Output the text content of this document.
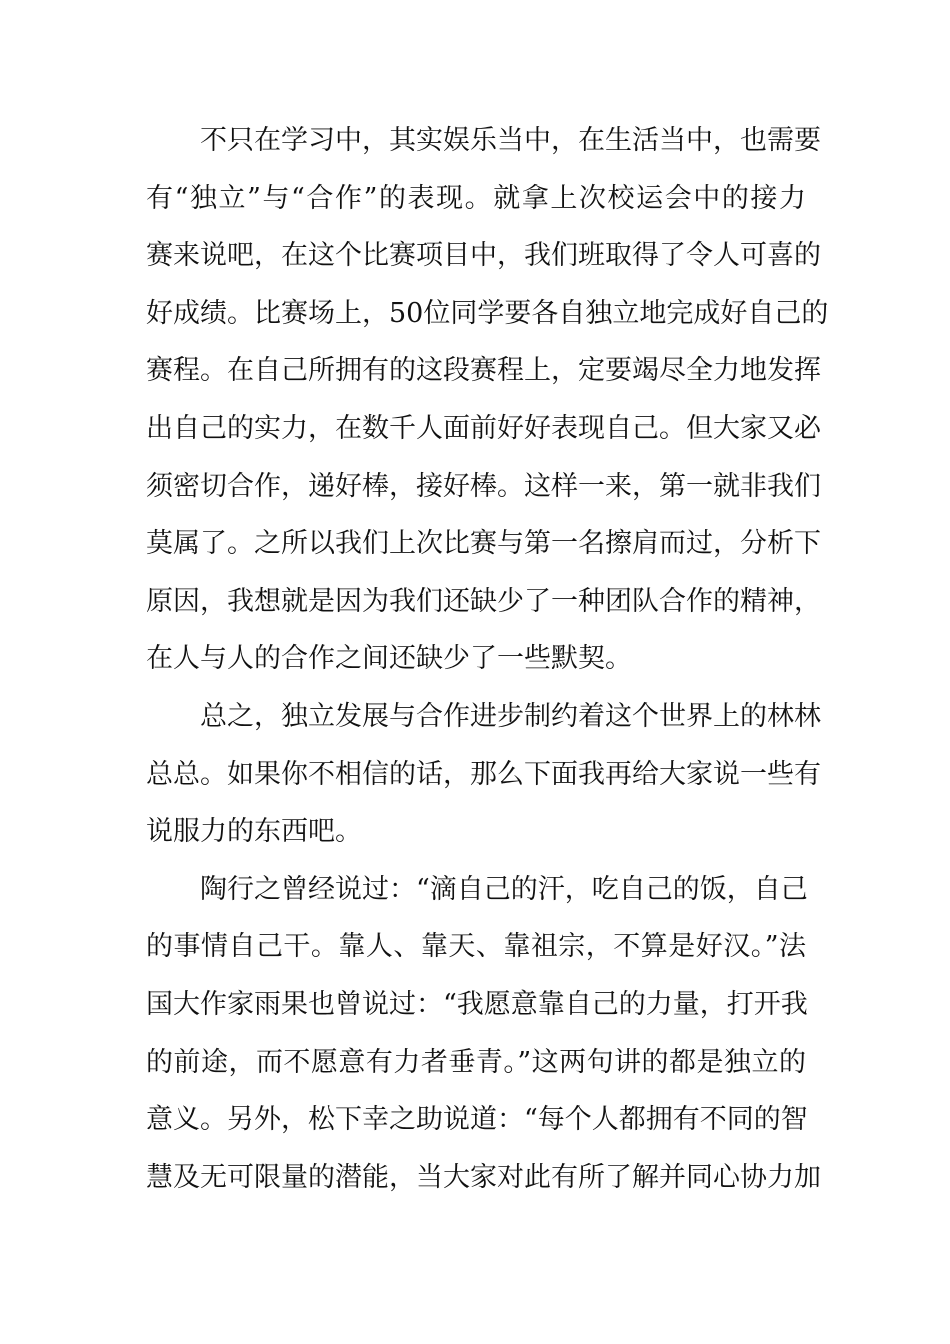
不只在学习中，其实娱乐当中，在生活当中，也需要
有“独立”与“合作”的表现。就拿上次校运会中的接力
赛来说吧，在这个比赛项目中，我们班取得了令人可喜的
好成绩。比赛场上，50位同学要各自独立地完成好自己的
赛程。在自己所拥有的这段赛程上，定要竭尽全力地发挥
出自己的实力，在数千人面前好好表现自己。但大家又必
须密切合作，递好棒，接好棒。这样一来，第一就非我们
莫属了。之所以我们上次比赛与第一名擦肩而过，分析下
原因，我想就是因为我们还缺少了一种团队合作的精神，
在人与人的合作之间还缺少了一些默契。
总之，独立发展与合作进步制约着这个世界上的林林
总总。如果你不相信的话，那么下面我再给大家说一些有
说服力的东西吧。
陶行之曾经说过：“滴自己的汗，吃自己的饭，自己
的事情自己干。靠人、靠天、靠祖宗，不算是好汉。”法
国大作家雨果也曾说过：“我愿意靠自己的力量，打开我
的前途，而不愿意有力者垂青。”这两句讲的都是独立的
意义。另外，松下幸之助说道：“每个人都拥有不同的智
慧及无可限量的潜能，当大家对此有所了解并同心协力加
